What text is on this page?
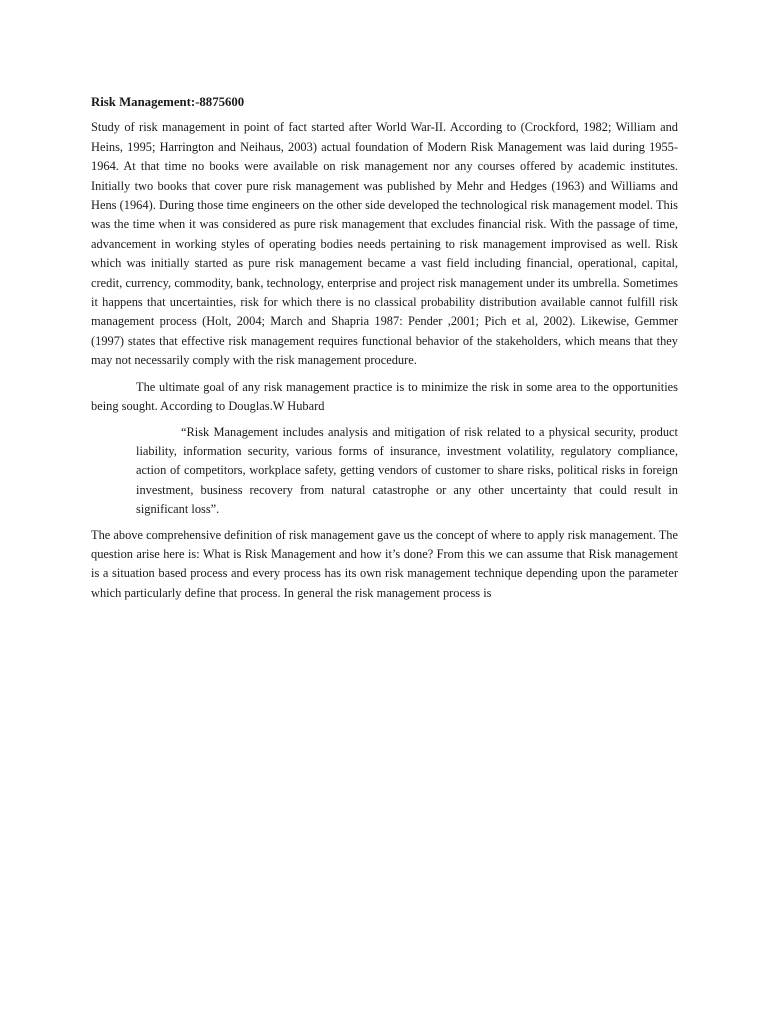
Risk Management:-8875600

Study of risk management in point of fact started after World War-II. According to (Crockford, 1982; William and Heins, 1995; Harrington and Neihaus, 2003) actual foundation of Modern Risk Management was laid during 1955-1964. At that time no books were available on risk management nor any courses offered by academic institutes. Initially two books that cover pure risk management was published by Mehr and Hedges (1963) and Williams and Hens (1964). During those time engineers on the other side developed the technological risk management model. This was the time when it was considered as pure risk management that excludes financial risk. With the passage of time, advancement in working styles of operating bodies needs pertaining to risk management improvised as well. Risk which was initially started as pure risk management became a vast field including financial, operational, capital, credit, currency, commodity, bank, technology, enterprise and project risk management under its umbrella. Sometimes it happens that uncertainties, risk for which there is no classical probability distribution available cannot fulfill risk management process (Holt, 2004; March and Shapria 1987: Pender ,2001; Pich et al, 2002). Likewise, Gemmer (1997) states that effective risk management requires functional behavior of the stakeholders, which means that they may not necessarily comply with the risk management procedure.

The ultimate goal of any risk management practice is to minimize the risk in some area to the opportunities being sought. According to Douglas.W Hubard

“Risk Management includes analysis and mitigation of risk related to a physical security, product liability, information security, various forms of insurance, investment volatility, regulatory compliance, action of competitors, workplace safety, getting vendors of customer to share risks, political risks in foreign investment, business recovery from natural catastrophe or any other uncertainty that could result in significant loss”.

The above comprehensive definition of risk management gave us the concept of where to apply risk management. The question arise here is: What is Risk Management and how it’s done? From this we can assume that Risk management is a situation based process and every process has its own risk management technique depending upon the parameter which particularly define that process. In general the risk management process is
